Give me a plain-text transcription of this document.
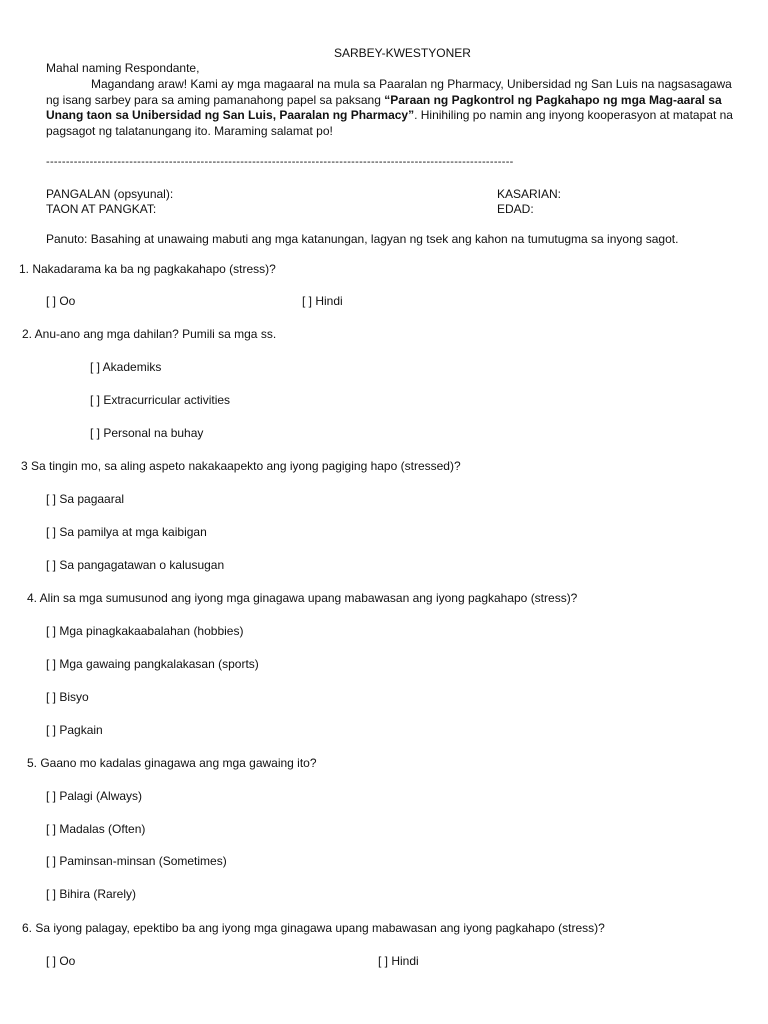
SARBEY-KWESTYONER
Mahal naming Respondante,
Magandang araw! Kami ay mga magaaral na mula sa Paaralan ng Pharmacy, Unibersidad ng San Luis na nagsasagawa ng isang sarbey para sa aming pamanahong papel sa paksang “Paraan ng Pagkontrol ng Pagkahapo ng mga Mag-aaral sa Unang taon sa Unibersidad ng San Luis, Paaralan ng Pharmacy”. Hinihiling po namin ang inyong kooperasyon at matapat na pagsagot ng talatanungang ito. Maraming salamat po!
----------------------------------------------------------------------------------------------------------------------
PANGALAN (opsyunal):	KASARIAN:
TAON AT PANGKAT:	EDAD:
Panuto: Basahing at unawaing mabuti ang mga katanungan, lagyan ng tsek ang kahon na tumutugma sa inyong sagot.
1. Nakadarama ka ba ng pagkakahapo (stress)?
[ ] Oo	[ ] Hindi
2. Anu-ano ang mga dahilan? Pumili sa mga ss.
[ ] Akademiks
[ ] Extracurricular activities
[ ] Personal na buhay
3 Sa tingin mo, sa aling aspeto nakakaapekto ang iyong pagiging hapo (stressed)?
[ ] Sa pagaaral
[ ] Sa pamilya at mga kaibigan
[ ] Sa pangagatawan o kalusugan
4. Alin sa mga sumusunod ang iyong mga ginagawa upang mabawasan ang iyong pagkahapo (stress)?
[ ] Mga pinagkakaabalahan (hobbies)
[ ] Mga gawaing pangkalakasan (sports)
[ ] Bisyo
[ ] Pagkain
5. Gaano mo kadalas ginagawa ang mga gawaing ito?
[ ] Palagi (Always)
[ ] Madalas (Often)
[ ] Paminsan-minsan (Sometimes)
[ ] Bihira (Rarely)
6. Sa iyong palagay, epektibo ba ang iyong mga ginagawa upang mabawasan ang iyong pagkahapo (stress)?
[ ] Oo	[ ] Hindi
